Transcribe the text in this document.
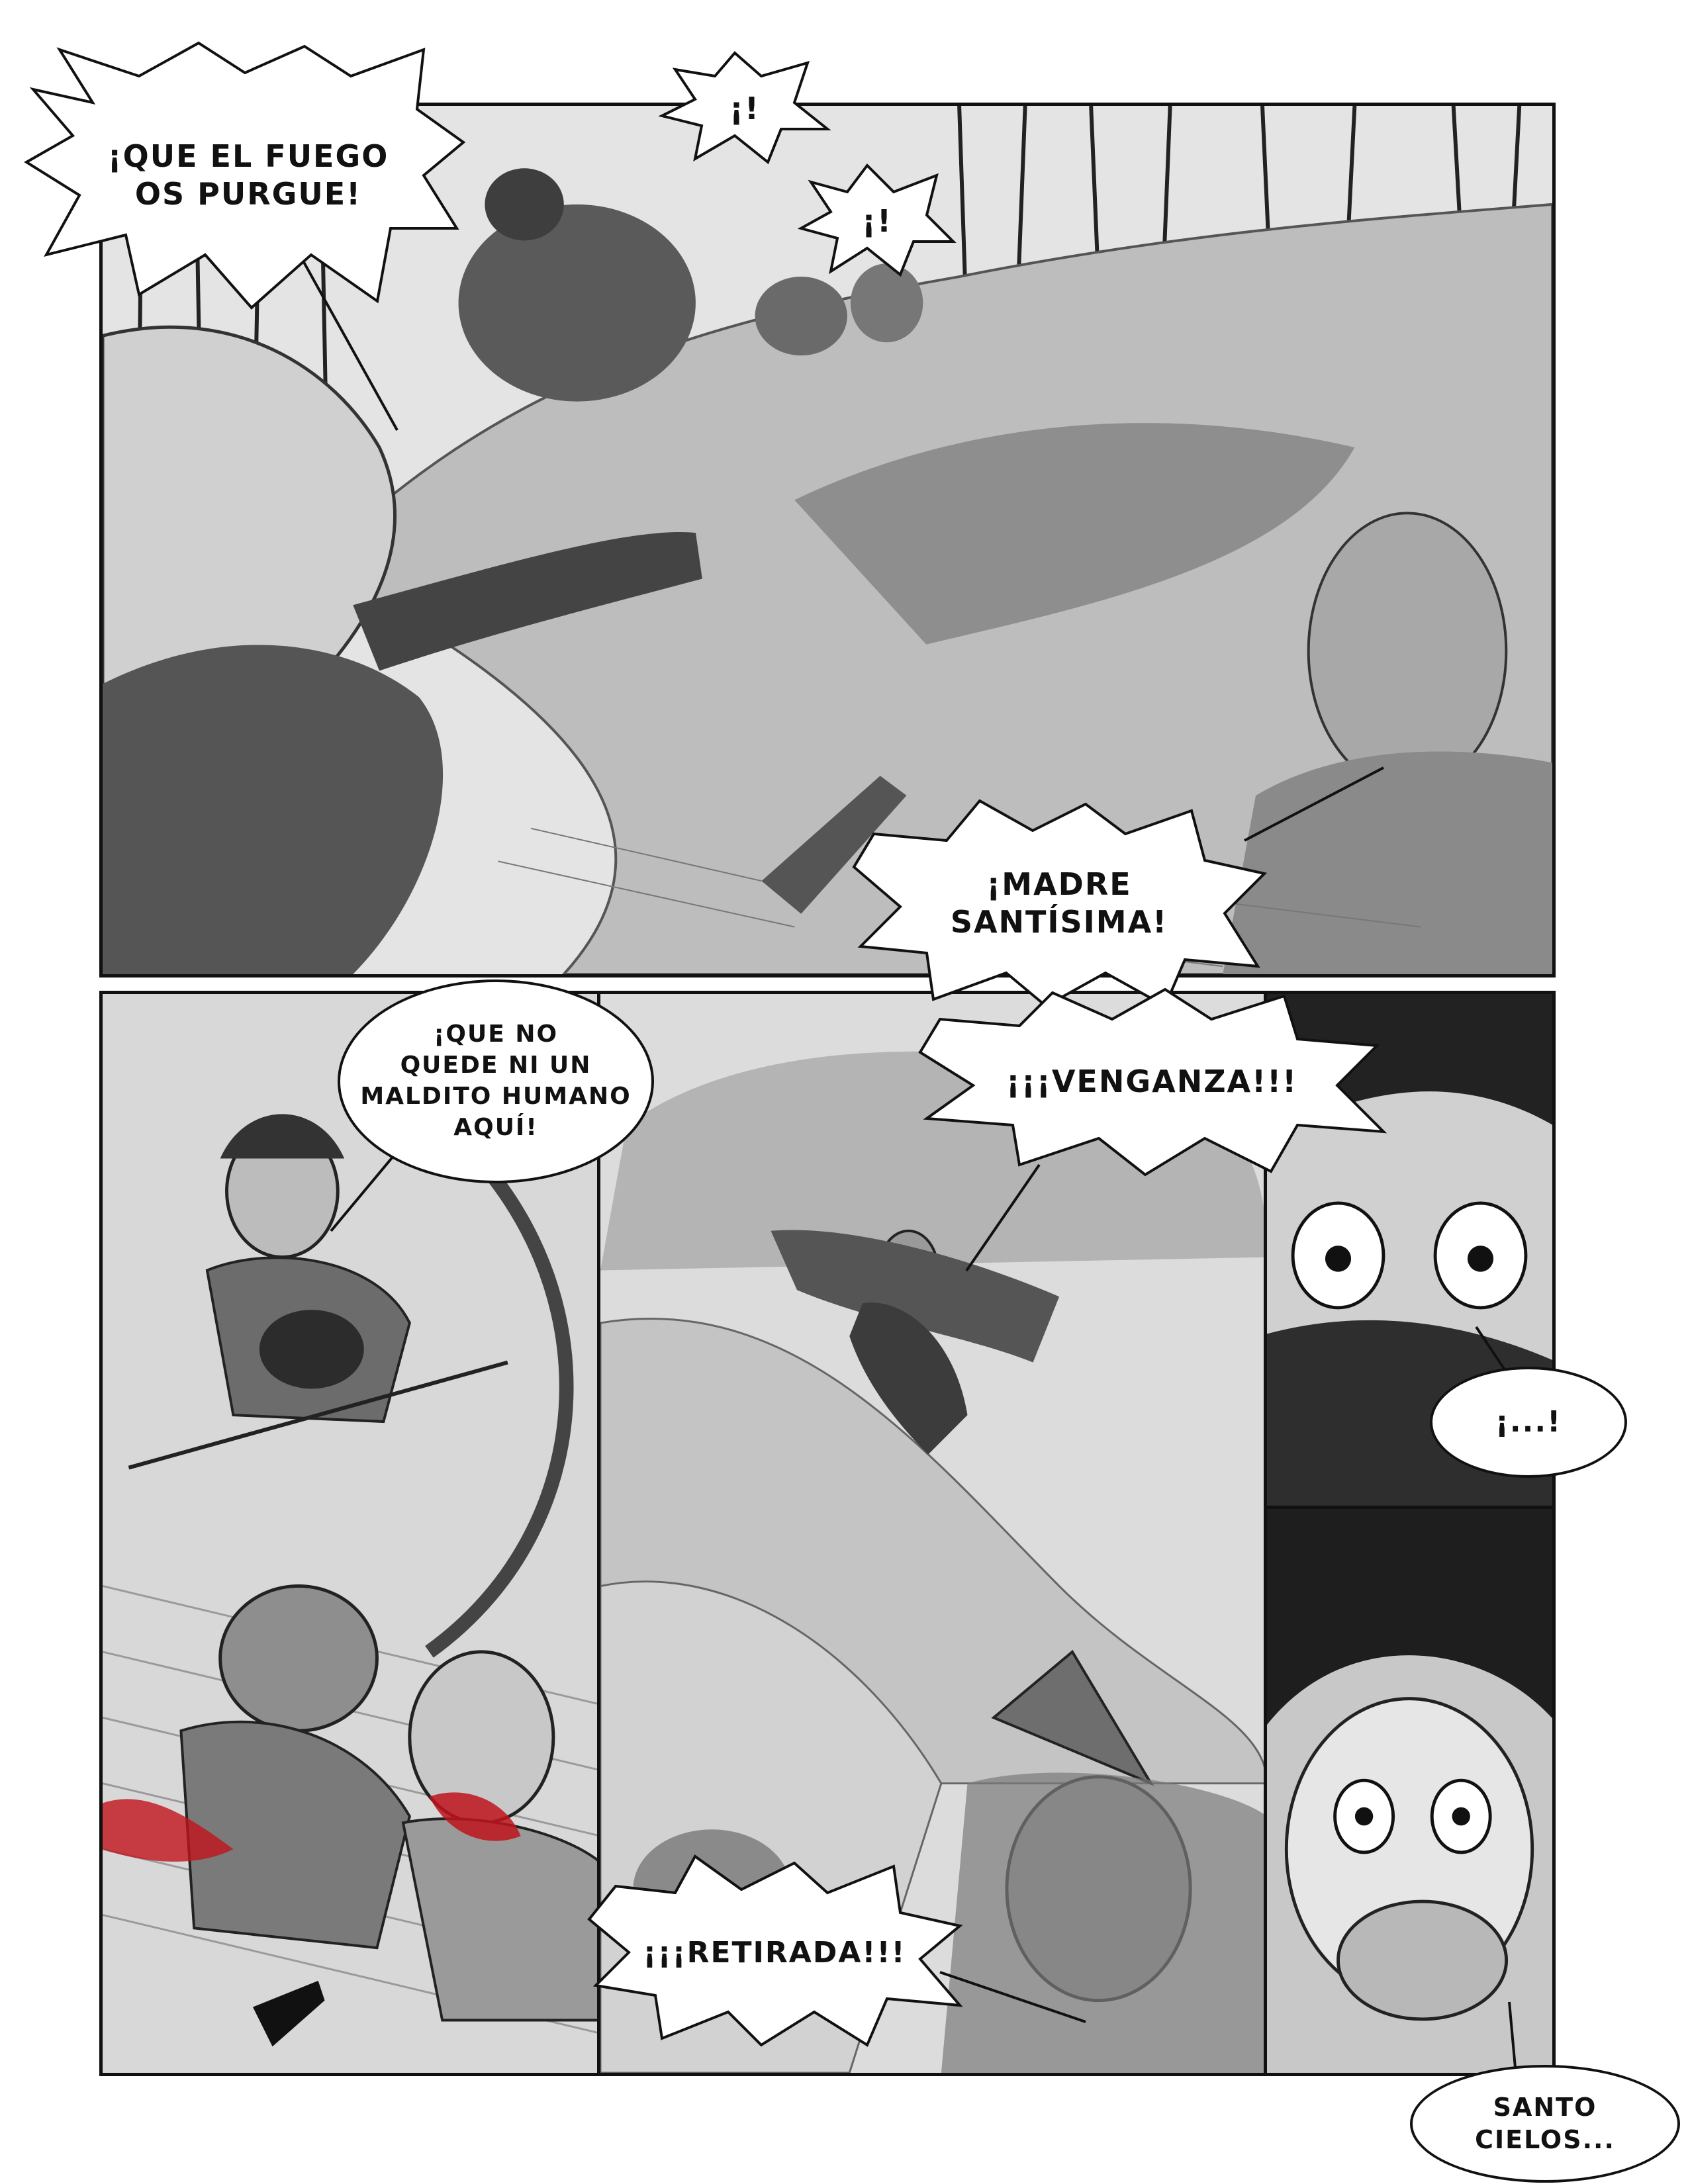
¡QUE EL FUEGO
OS PURGUE!
¡!
¡!
¡MADRE
SANTÍSIMA!
¡QUE NO
QUEDE NI UN
MALDITO HUMANO
AQUÍ!
¡¡¡VENGANZA!!!
¡...!
¡¡¡RETIRADA!!!
SANTO
CIELOS...
